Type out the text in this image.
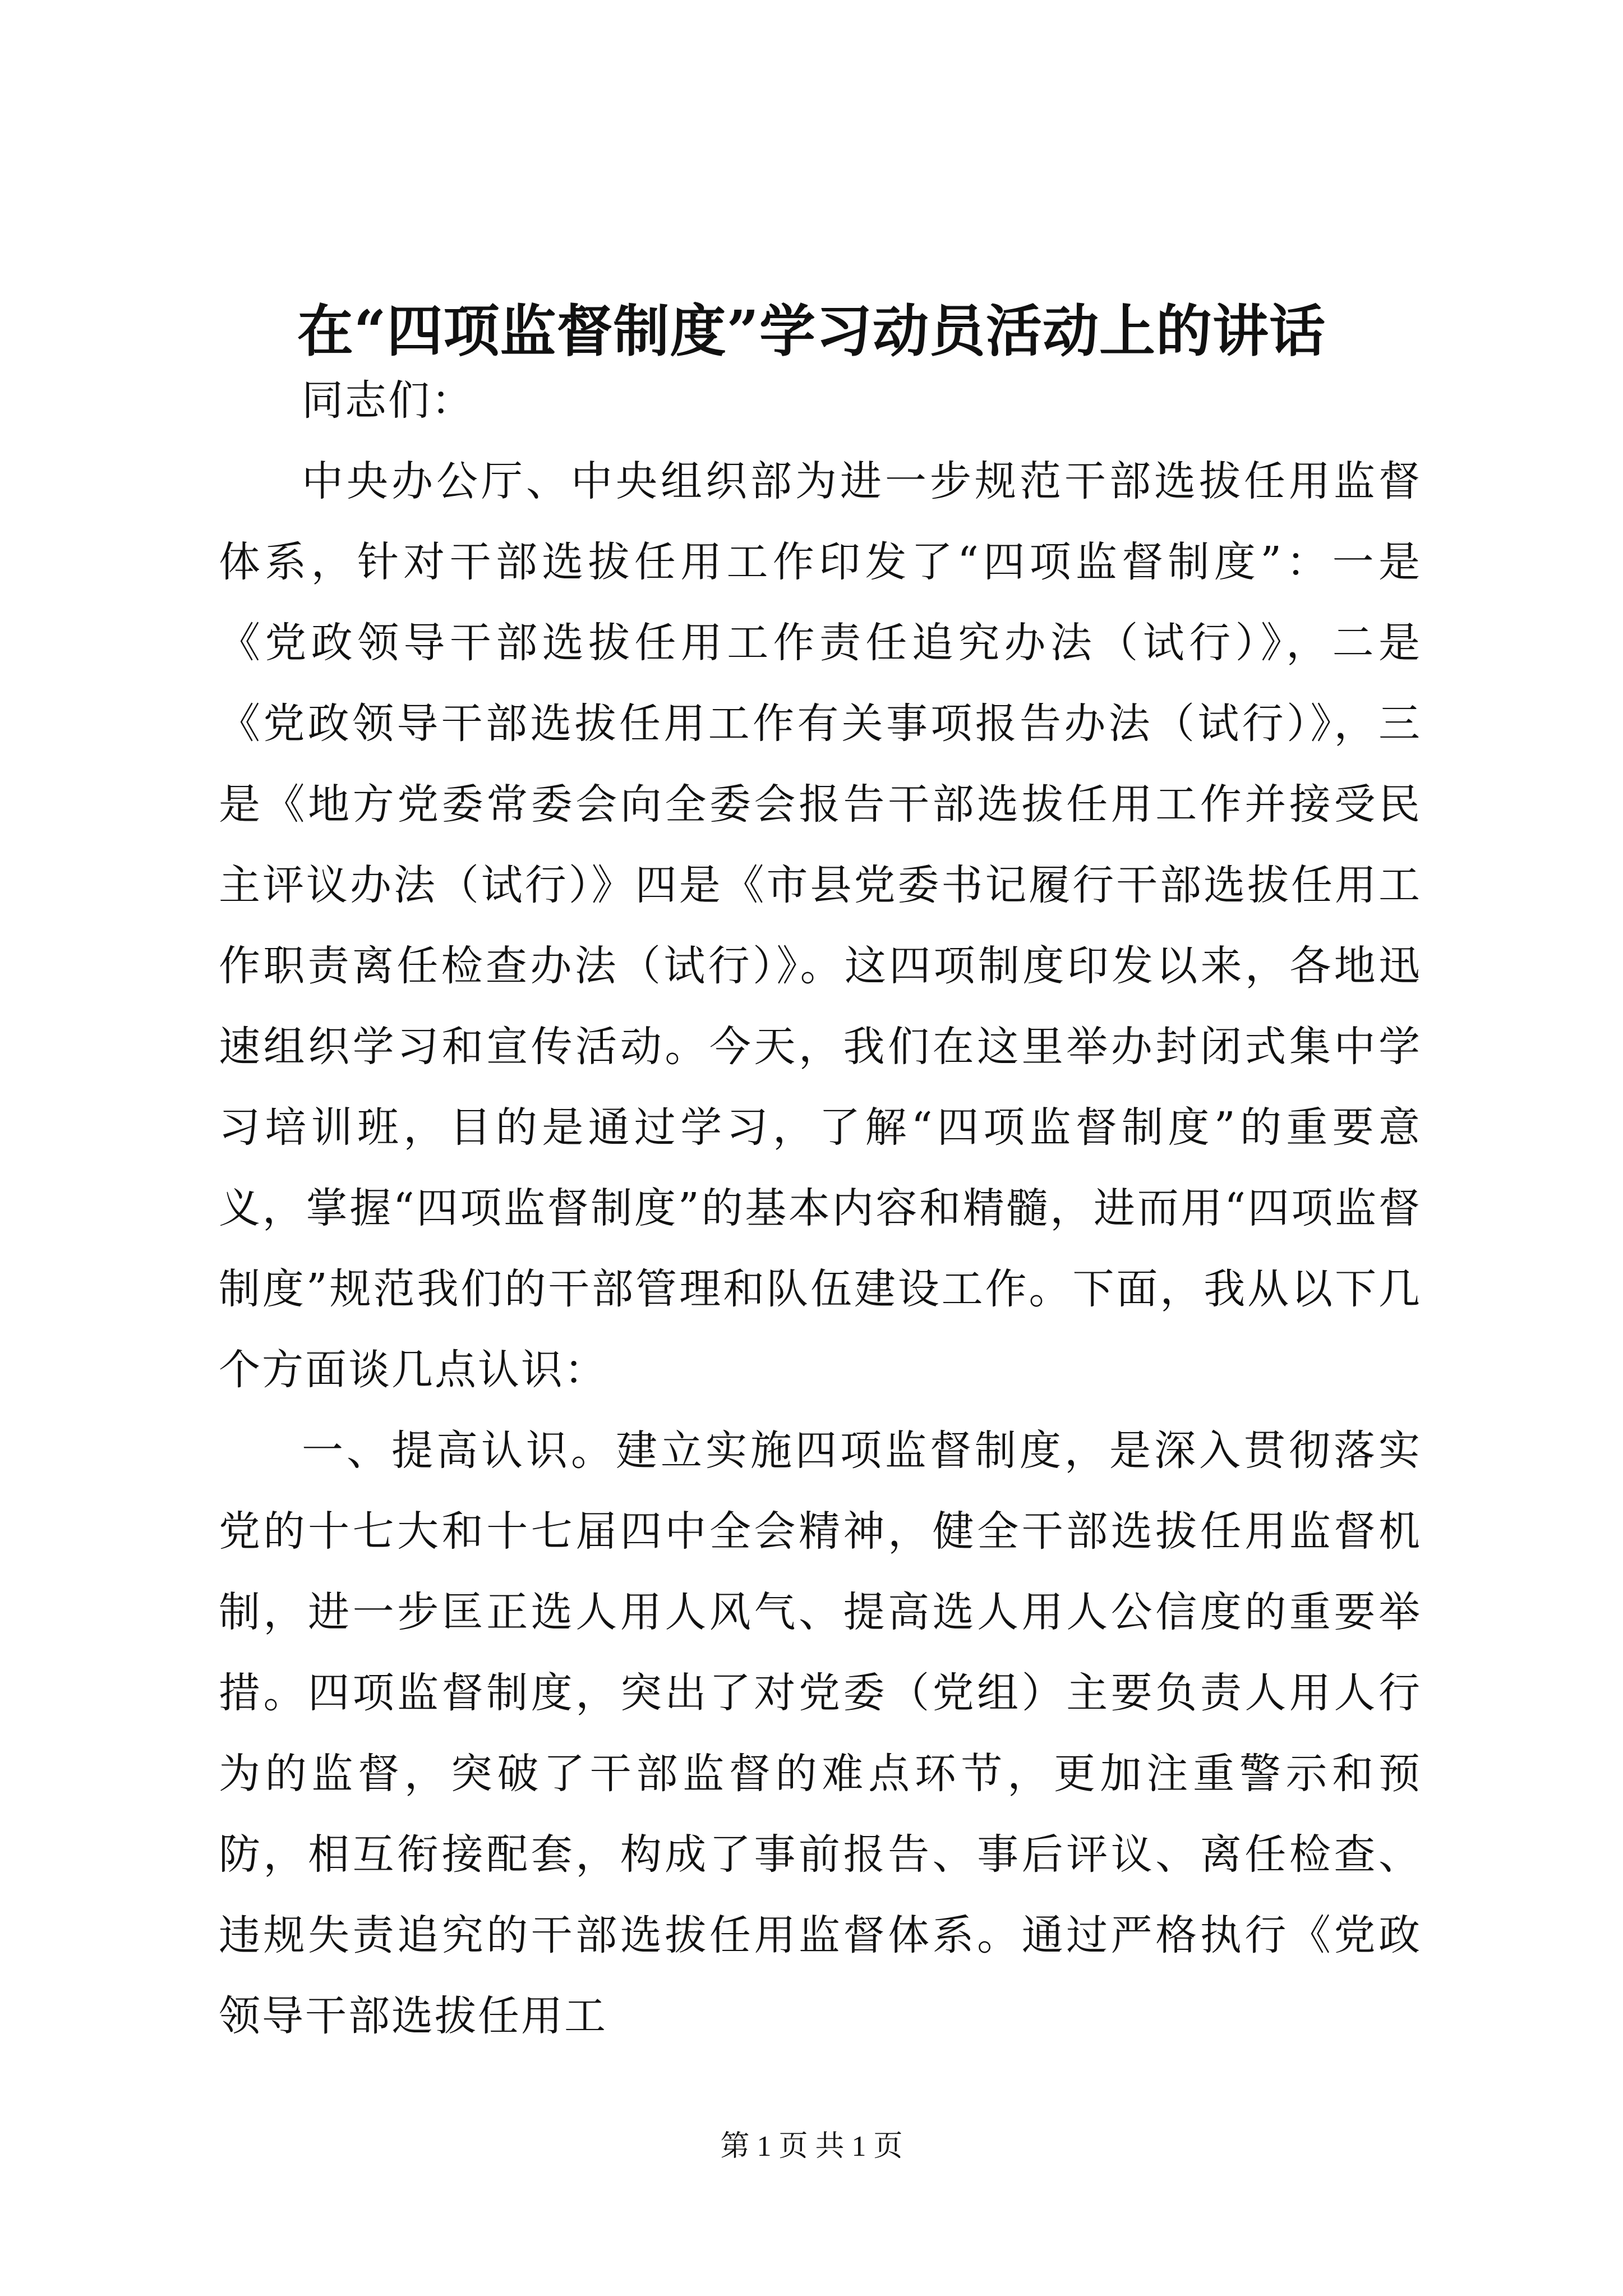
在“四项监督制度”学习动员活动上的讲话

同志们：

中央办公厅、中央组织部为进一步规范干部选拔任用监督体系，针对干部选拔任用工作印发了“四项监督制度”：一是《党政领导干部选拔任用工作责任追究办法（试行）》，二是《党政领导干部选拔任用工作有关事项报告办法（试行）》，三是《地方党委常委会向全委会报告干部选拔任用工作并接受民主评议办法（试行）》四是《市县党委书记履行干部选拔任用工作职责离任检查办法（试行）》。这四项制度印发以来，各地迅速组织学习和宣传活动。今天，我们在这里举办封闭式集中学习培训班，目的是通过学习，了解“四项监督制度”的重要意义，掌握“四项监督制度”的基本内容和精髓，进而用“四项监督制度”规范我们的干部管理和队伍建设工作。下面，我从以下几个方面谈几点认识：

一、提高认识。建立实施四项监督制度，是深入贯彻落实党的十七大和十七届四中全会精神，健全干部选拔任用监督机制，进一步匡正选人用人风气、提高选人用人公信度的重要举措。四项监督制度，突出了对党委（党组）主要负责人用人行为的监督，突破了干部监督的难点环节，更加注重警示和预防，相互衔接配套，构成了事前报告、事后评议、离任检查、违规失责追究的干部选拔任用监督体系。通过严格执行《党政领导干部选拔任用工

第 1 页 共 1 页
